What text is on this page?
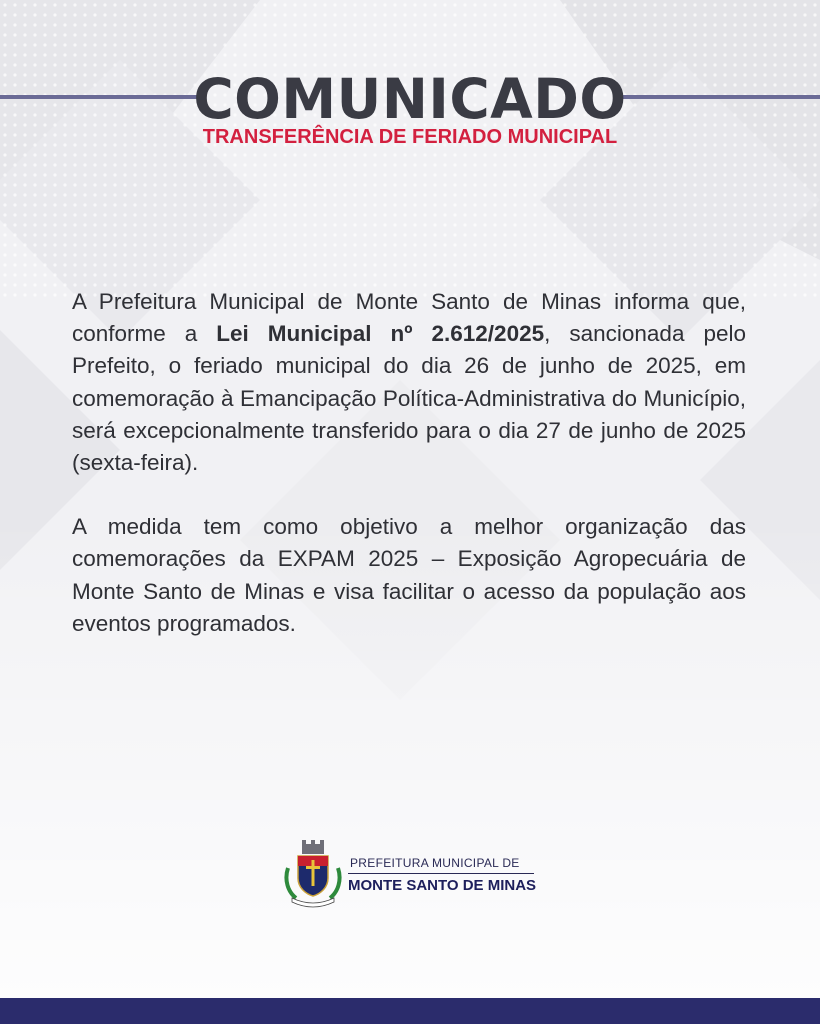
COMUNICADO
TRANSFERÊNCIA DE FERIADO MUNICIPAL

A Prefeitura Municipal de Monte Santo de Minas informa que, conforme a Lei Municipal nº 2.612/2025, sancionada pelo Prefeito, o feriado municipal do dia 26 de junho de 2025, em comemoração à Emancipação Política-Administrativa do Município, será excepcionalmente transferido para o dia 27 de junho de 2025 (sexta-feira).

A medida tem como objetivo a melhor organização das comemorações da EXPAM 2025 – Exposição Agropecuária de Monte Santo de Minas e visa facilitar o acesso da população aos eventos programados.

PREFEITURA MUNICIPAL DE
MONTE SANTO DE MINAS
